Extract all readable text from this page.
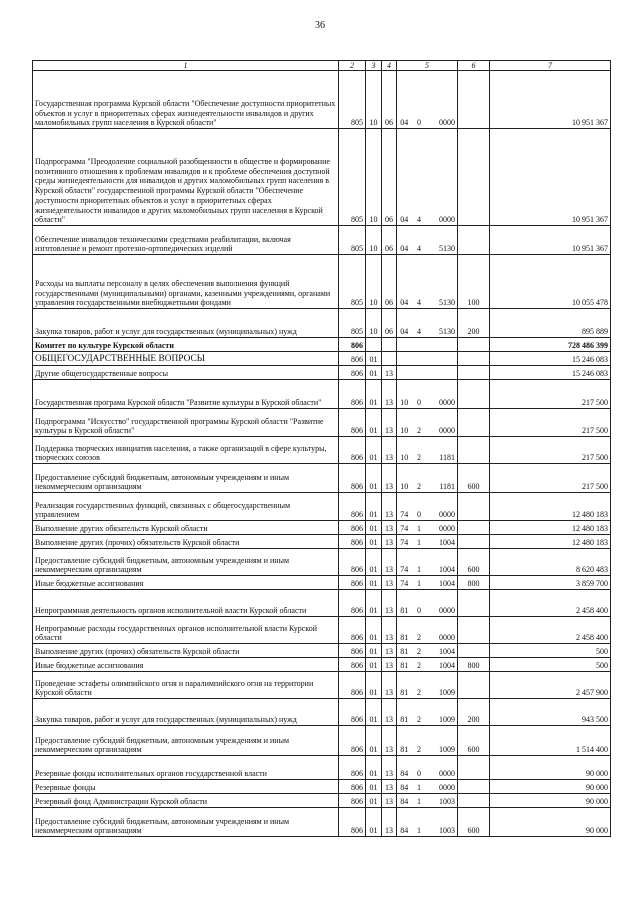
36
1	2	3	4	5			6	7
Государственная программа Курской области "Обеспечение доступности приоритетных объектов и услуг в приоритетных сферах жизнедеятельности инвалидов и других маломобильных групп населения в Курской области"	805	10	06	04	0	0000		10 951 367
Подпрограмма "Преодоление социальной разобщенности в обществе и формирование позитивного отношения к проблемам инвалидов и к проблеме обеспечения доступной среды жизнедеятельности для инвалидов и других маломобильных групп населения в Курской области" государственной программы Курской области "Обеспечение доступности приоритетных объектов и услуг в приоритетных сферах жизнедеятельности инвалидов и других маломобильных групп населения в Курской области"	805	10	06	04	4	0000		10 951 367
Обеспечение инвалидов техническими средствами реабилитации, включая изготовление и ремонт протезно-ортопедических изделий	805	10	06	04	4	5130		10 951 367
Расходы на выплаты персоналу в целях обеспечения выполнения функций государственными (муниципальными) органами, казенными учреждениями, органами управления государственными внебюджетными фондами	805	10	06	04	4	5130	100	10 055 478
Закупка товаров, работ и услуг для государственных (муниципальных) нужд	805	10	06	04	4	5130	200	895 889
Комитет по культуре Курской области	806							728 486 399
ОБЩЕГОСУДАРСТВЕННЫЕ ВОПРОСЫ	806	01						15 246 083
Другие общегосударственные вопросы	806	01	13					15 246 083
Государственная програма Курской области "Развитие культуры в Курской области"	806	01	13	10	0	0000		217 500
Подпрограмма "Искусство" государственной программы Курской области "Развитие культуры в Курской области"	806	01	13	10	2	0000		217 500
Поддержка творческих инициатив населения, а также организаций в сфере культуры, творческих союзов	806	01	13	10	2	1181		217 500
Предоставление субсидий бюджетным, автономным учреждениям и иным некоммерческим организациям	806	01	13	10	2	1181	600	217 500
Реализация государственных функций, связанных с общегосударственным управлением	806	01	13	74	0	0000		12 480 183
Выполнение других обязательств Курской области	806	01	13	74	1	0000		12 480 183
Выполнение других (прочих) обязательств Курской области	806	01	13	74	1	1004		12 480 183
Предоставление субсидий бюджетным, автономным учреждениям и иным некоммерческим организациям	806	01	13	74	1	1004	600	8 620 483
Иные бюджетные ассигнования	806	01	13	74	1	1004	800	3 859 700
Непрограммная деятельность органов исполнительной власти Курской области	806	01	13	81	0	0000		2 458 400
Непрограмные расходы государственных органов исполнительной власти Курской области	806	01	13	81	2	0000		2 458 400
Выполнение других (прочих) обязательств Курской области	806	01	13	81	2	1004		500
Иные бюджетные ассигнования	806	01	13	81	2	1004	800	500
Проведение эстафеты олимпийского огня и паралимпийского огня на территории Курской области	806	01	13	81	2	1009		2 457 900
Закупка товаров, работ и услуг для государственных (муниципальных) нужд	806	01	13	81	2	1009	200	943 500
Предоставление субсидий бюджетным, автономным учреждениям и иным некоммерческим организациям	806	01	13	81	2	1009	600	1 514 400
Резервные фонды исполнительных органов государственной власти	806	01	13	84	0	0000		90 000
Резервные фонды	806	01	13	84	1	0000		90 000
Резервный фонд Администрации Курской области	806	01	13	84	1	1003		90 000
Предоставление субсидий бюджетным, автономным учреждениям и иным некоммерческим организациям	806	01	13	84	1	1003	600	90 000
